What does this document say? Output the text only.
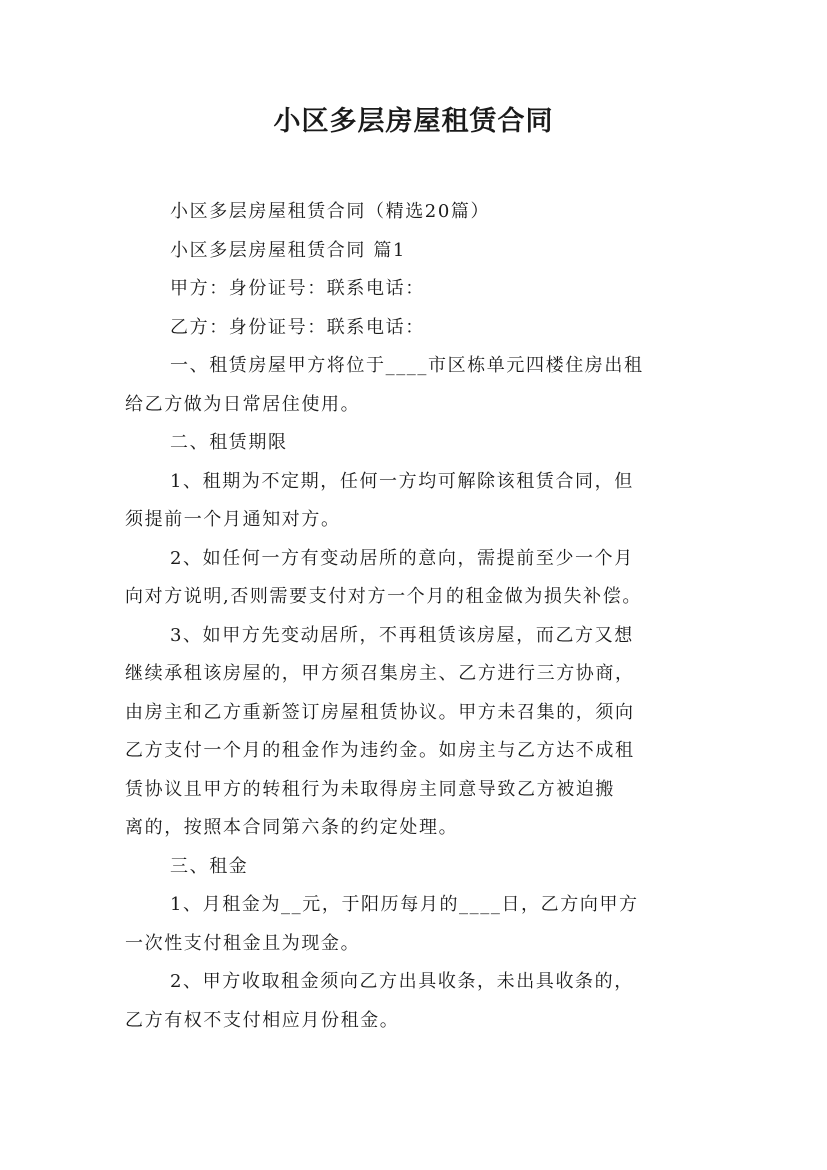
小区多层房屋租赁合同
小区多层房屋租赁合同（精选20篇）
小区多层房屋租赁合同 篇1
甲方：身份证号：联系电话：
乙方：身份证号：联系电话：
一、租赁房屋甲方将位于____市区栋单元四楼住房出租
给乙方做为日常居住使用。
二、租赁期限
1、租期为不定期，任何一方均可解除该租赁合同，但
须提前一个月通知对方。
2、如任何一方有变动居所的意向，需提前至少一个月
向对方说明,否则需要支付对方一个月的租金做为损失补偿。
3、如甲方先变动居所，不再租赁该房屋，而乙方又想
继续承租该房屋的，甲方须召集房主、乙方进行三方协商，
由房主和乙方重新签订房屋租赁协议。甲方未召集的，须向
乙方支付一个月的租金作为违约金。如房主与乙方达不成租
赁协议且甲方的转租行为未取得房主同意导致乙方被迫搬
离的，按照本合同第六条的约定处理。
三、租金
1、月租金为__元，于阳历每月的____日，乙方向甲方
一次性支付租金且为现金。
2、甲方收取租金须向乙方出具收条，未出具收条的，
乙方有权不支付相应月份租金。
